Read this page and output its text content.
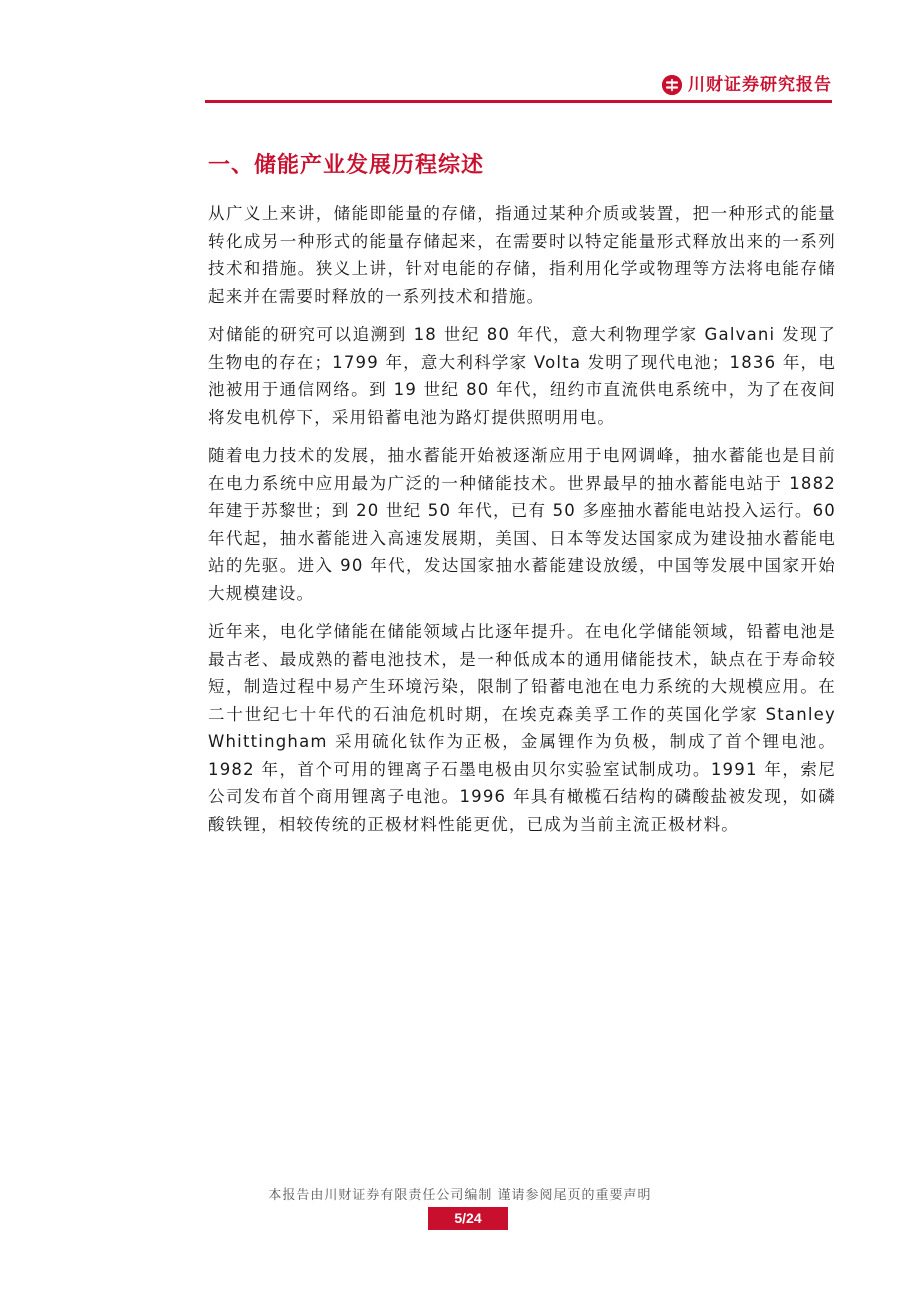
川财证券研究报告
一、储能产业发展历程综述

从广义上来讲，储能即能量的存储，指通过某种介质或装置，把一种形式的能量转化成另一种形式的能量存储起来，在需要时以特定能量形式释放出来的一系列技术和措施。狭义上讲，针对电能的存储，指利用化学或物理等方法将电能存储起来并在需要时释放的一系列技术和措施。

对储能的研究可以追溯到 18 世纪 80 年代，意大利物理学家 Galvani 发现了生物电的存在；1799 年，意大利科学家 Volta 发明了现代电池；1836 年，电池被用于通信网络。到 19 世纪 80 年代，纽约市直流供电系统中，为了在夜间将发电机停下，采用铅蓄电池为路灯提供照明用电。

随着电力技术的发展，抽水蓄能开始被逐渐应用于电网调峰，抽水蓄能也是目前在电力系统中应用最为广泛的一种储能技术。世界最早的抽水蓄能电站于 1882 年建于苏黎世；到 20 世纪 50 年代，已有 50 多座抽水蓄能电站投入运行。60 年代起，抽水蓄能进入高速发展期，美国、日本等发达国家成为建设抽水蓄能电站的先驱。进入 90 年代，发达国家抽水蓄能建设放缓，中国等发展中国家开始大规模建设。

近年来，电化学储能在储能领域占比逐年提升。在电化学储能领域，铅蓄电池是最古老、最成熟的蓄电池技术，是一种低成本的通用储能技术，缺点在于寿命较短，制造过程中易产生环境污染，限制了铅蓄电池在电力系统的大规模应用。在二十世纪七十年代的石油危机时期，在埃克森美孚工作的英国化学家 Stanley Whittingham 采用硫化钛作为正极，金属锂作为负极，制成了首个锂电池。1982 年，首个可用的锂离子石墨电极由贝尔实验室试制成功。1991 年，索尼公司发布首个商用锂离子电池。1996 年具有橄榄石结构的磷酸盐被发现，如磷酸铁锂，相较传统的正极材料性能更优，已成为当前主流正极材料。

本报告由川财证券有限责任公司编制 谨请参阅尾页的重要声明
5/24
